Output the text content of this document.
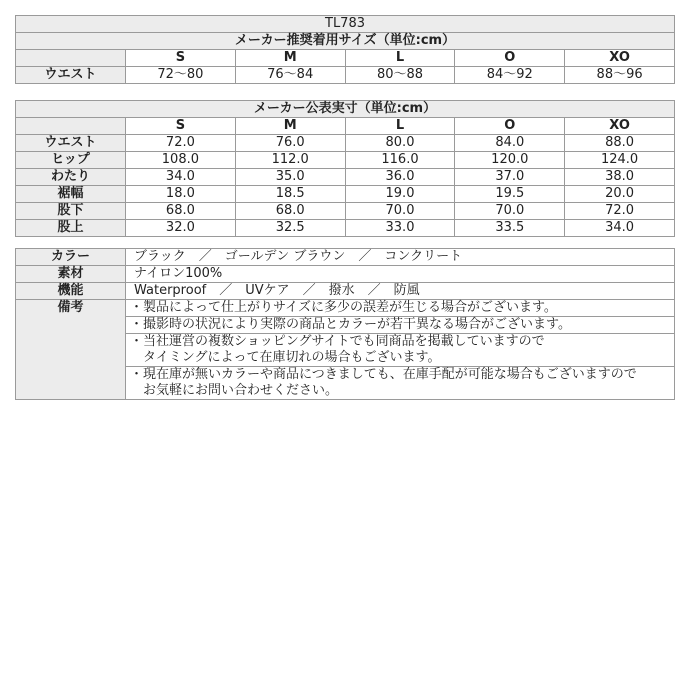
TL783					
メーカー推奨着用サイズ（単位:cm）					
	S	M	L	O	XO
ウエスト	72～80	76～84	80～88	84～92	88～96
メーカー公表実寸（単位:cm）					
	S	M	L	O	XO
ウエスト	72.0	76.0	80.0	84.0	88.0
ヒップ	108.0	112.0	116.0	120.0	124.0
わたり	34.0	35.0	36.0	37.0	38.0
裾幅	18.0	18.5	19.0	19.5	20.0
股下	68.0	68.0	70.0	70.0	72.0
股上	32.0	32.5	33.0	33.5	34.0
カラー	ブラック　／　ゴールデン ブラウン　／　コンクリート
素材	ナイロン100%
機能	Waterproof　／　UVケア　／　撥水　／　防風
備考	・製品によって仕上がりサイズに多少の誤差が生じる場合がございます。
	・撮影時の状況により実際の商品とカラーが若干異なる場合がございます。

	・当社運営の複数ショッピングサイトでも同商品を掲載していますので
　タイミングによって在庫切れの場合もございます。

	・現在庫が無いカラーや商品につきましても、在庫手配が可能な場合もございますので
　お気軽にお問い合わせください。
